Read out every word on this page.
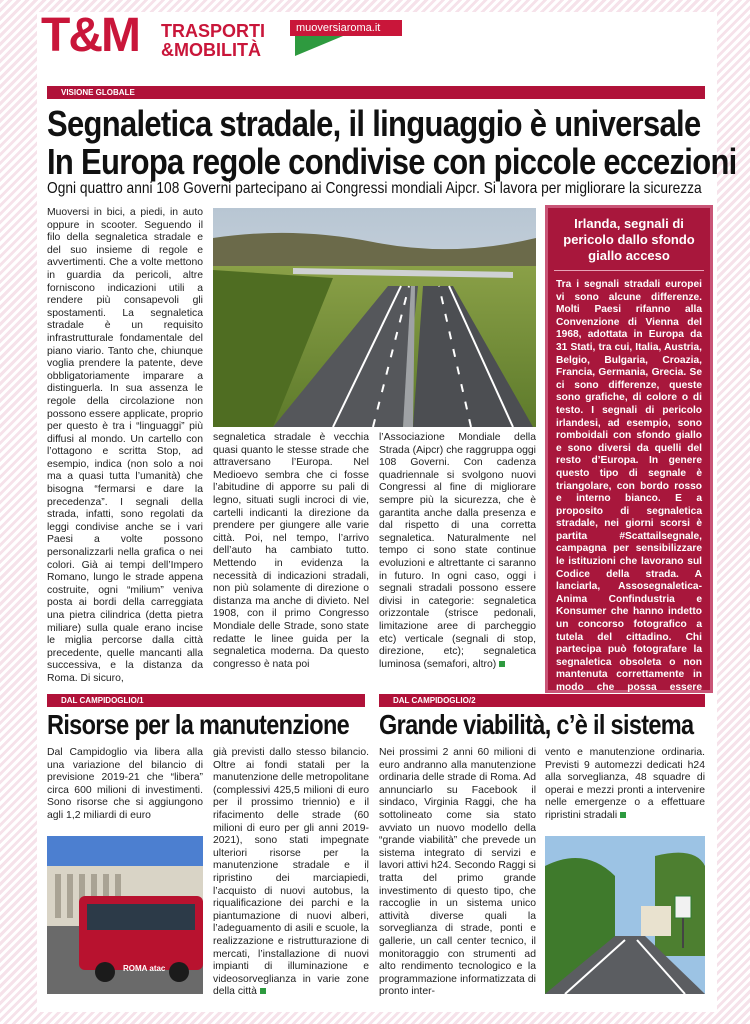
T&M TRASPORTI
&MOBILITÀ
muoversiaroma.it
VISIONE GLOBALE
Segnaletica stradale, il linguaggio è universale
In Europa regole condivise con piccole eccezioni
Ogni quattro anni 108 Governi partecipano ai Congressi mondiali Aipcr. Si lavora per migliorare la sicurezza

Muoversi in bici, a piedi, in auto oppure in scooter. Seguendo il filo della segnaletica stradale e del suo insieme di regole e avvertimenti. Che a volte mettono in guardia da pericoli, altre forniscono indicazioni utili a rendere più consapevoli gli spostamenti. La segnaletica stradale è un requisito infrastrutturale fondamentale del piano viario. Tanto che, chiunque voglia prendere la patente, deve obbligatoriamente imparare a distinguerla. In sua assenza le regole della circolazione non possono essere applicate, proprio per questo è tra i “linguaggi” più diffusi al mondo. Un cartello con l’ottagono e scritta Stop, ad esempio, indica (non solo a noi ma a quasi tutta l’umanità) che bisogna “fermarsi e dare la precedenza”. I segnali della strada, infatti, sono regolati da leggi condivise anche se i vari Paesi a volte possono personalizzarli nella grafica o nei colori. Già ai tempi dell’Impero Romano, lungo le strade appena costruite, ogni “milium” veniva posta ai bordi della carreggiata una pietra cilindrica (detta pietra miliare) sulla quale erano incise le miglia percorse dalla città precedente, quelle mancanti alla successiva, e la distanza da Roma. Di sicuro,

segnaletica stradale è vecchia quasi quanto le stesse strade che attraversano l’Europa. Nel Medioevo sembra che ci fosse l’abitudine di apporre su pali di legno, situati sugli incroci di vie, cartelli indicanti la direzione da prendere per giungere alle varie città. Poi, nel tempo, l’arrivo dell’auto ha cambiato tutto. Mettendo in evidenza la necessità di indicazioni stradali, non più solamente di direzione o distanza ma anche di divieto. Nel 1908, con il primo Congresso Mondiale delle Strade, sono state redatte le linee guida per la segnaletica moderna. Da questo congresso è nata poi

l’Associazione Mondiale della Strada (Aipcr) che raggruppa oggi 108 Governi. Con cadenza quadriennale si svolgono nuovi Congressi al fine di migliorare sempre più la sicurezza, che è garantita anche dalla presenza e dal rispetto di una corretta segnaletica. Naturalmente nel tempo ci sono state continue evoluzioni e altrettante ci saranno in futuro. In ogni caso, oggi i segnali stradali possono essere divisi in categorie: segnaletica orizzontale (strisce pedonali, limitazione aree di parcheggio etc) verticale (segnali di stop, direzione, etc); segnaletica luminosa (semafori, altro)

Irlanda, segnali di pericolo dallo sfondo giallo acceso

Tra i segnali stradali europei vi sono alcune differenze. Molti Paesi rifanno alla Convenzione di Vienna del 1968, adottata in Europa da 31 Stati, tra cui, Italia, Austria, Belgio, Bulgaria, Croazia, Francia, Germania, Grecia. Se ci sono differenze, queste sono grafiche, di colore o di testo. I segnali di pericolo irlandesi, ad esempio, sono romboidali con sfondo giallo e sono diversi da quelli del resto d’Europa. In genere questo tipo di segnale è triangolare, con bordo rosso e interno bianco. E a proposito di segnaletica stradale, nei giorni scorsi è partita #Scattailsegnale, campagna per sensibilizzare le istituzioni che lavorano sul Codice della strada. A lanciarla, Assosegnaletica-Anima Confindustria e Konsumer che hanno indetto un concorso fotografico a tutela del cittadino. Chi partecipa può fotografare la segnaletica obsoleta o non mantenuta correttamente in modo che possa essere

DAL CAMPIDOGLIO/1
Risorse per la manutenzione

Dal Campidoglio via libera alla una variazione del bilancio di previsione 2019-21 che “libera” circa 600 milioni di investimenti. Sono risorse che si aggiungono agli 1,2 miliardi di euro

ROMA atac

già previsti dallo stesso bilancio. Oltre ai fondi statali per la manutenzione delle metropolitane (complessivi 425,5 milioni di euro per il prossimo triennio) e il rifacimento delle strade (60 milioni di euro per gli anni 2019-2021), sono stati impegnate ulteriori risorse per la manutenzione stradale e il ripristino dei marciapiedi, l’acquisto di nuovi autobus, la riqualificazione dei parchi e la piantumazione di nuovi alberi, l’adeguamento di asili e scuole, la realizzazione e ristrutturazione di mercati, l’installazione di nuovi impianti di illuminazione e videosorveglianza in varie zone della città

DAL CAMPIDOGLIO/2
Grande viabilità, c’è il sistema

Nei prossimi 2 anni 60 milioni di euro andranno alla manutenzione ordinaria delle strade di Roma. Ad annunciarlo su Facebook il sindaco, Virginia Raggi, che ha sottolineato come sia stato avviato un nuovo modello della “grande viabilità” che prevede un sistema integrato di servizi e lavori attivi h24. Secondo Raggi si tratta del primo grande investimento di questo tipo, che raccoglie in un sistema unico attività diverse quali la sorveglianza di strade, ponti e gallerie, un call center tecnico, il monitoraggio con strumenti ad alto rendimento tecnologico e la programmazione informatizzata di pronto inter-

vento e manutenzione ordinaria. Previsti 9 automezzi dedicati h24 alla sorveglianza, 48 squadre di operai e mezzi pronti a intervenire nelle emergenze o a effettuare ripristini stradali
